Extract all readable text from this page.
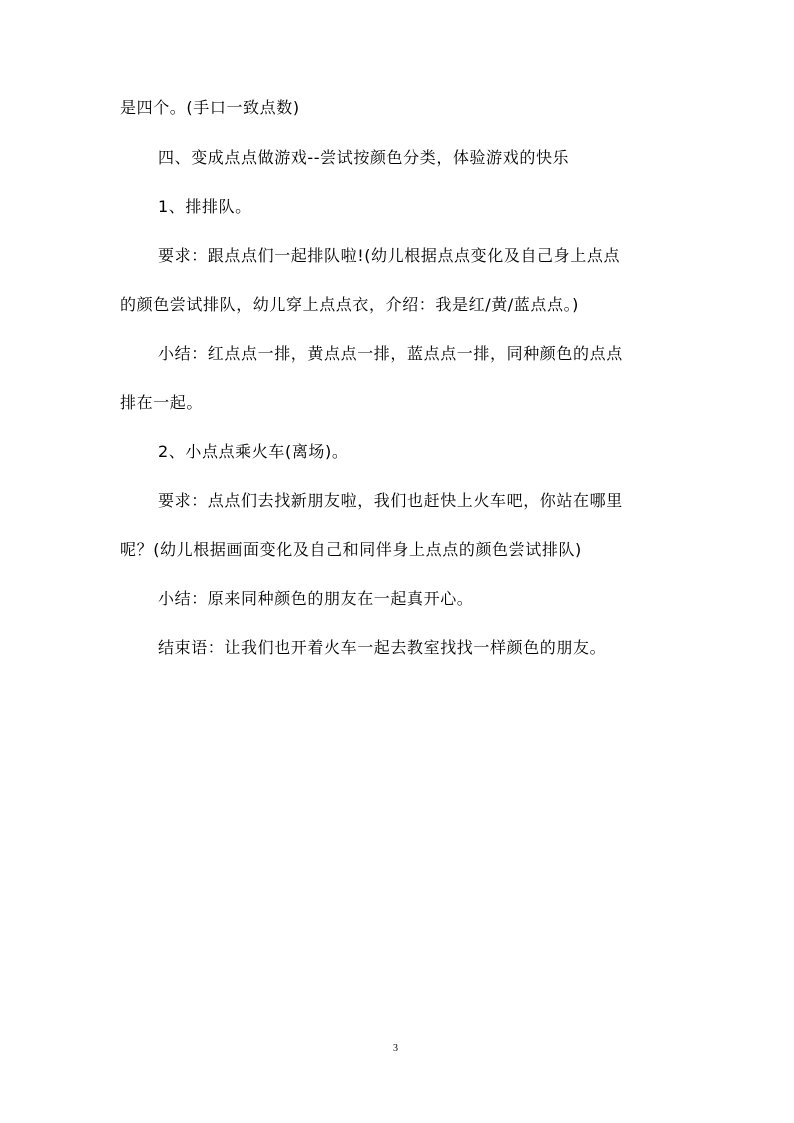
是四个。(手口一致点数)
四、变成点点做游戏--尝试按颜色分类，体验游戏的快乐
1、排排队。
要求：跟点点们一起排队啦!(幼儿根据点点变化及自己身上点点
的颜色尝试排队，幼儿穿上点点衣，介绍：我是红/黄/蓝点点。)
小结：红点点一排，黄点点一排，蓝点点一排，同种颜色的点点
排在一起。
2、小点点乘火车(离场)。
要求：点点们去找新朋友啦，我们也赶快上火车吧，你站在哪里
呢？(幼儿根据画面变化及自己和同伴身上点点的颜色尝试排队)
小结：原来同种颜色的朋友在一起真开心。
结束语：让我们也开着火车一起去教室找找一样颜色的朋友。
3
